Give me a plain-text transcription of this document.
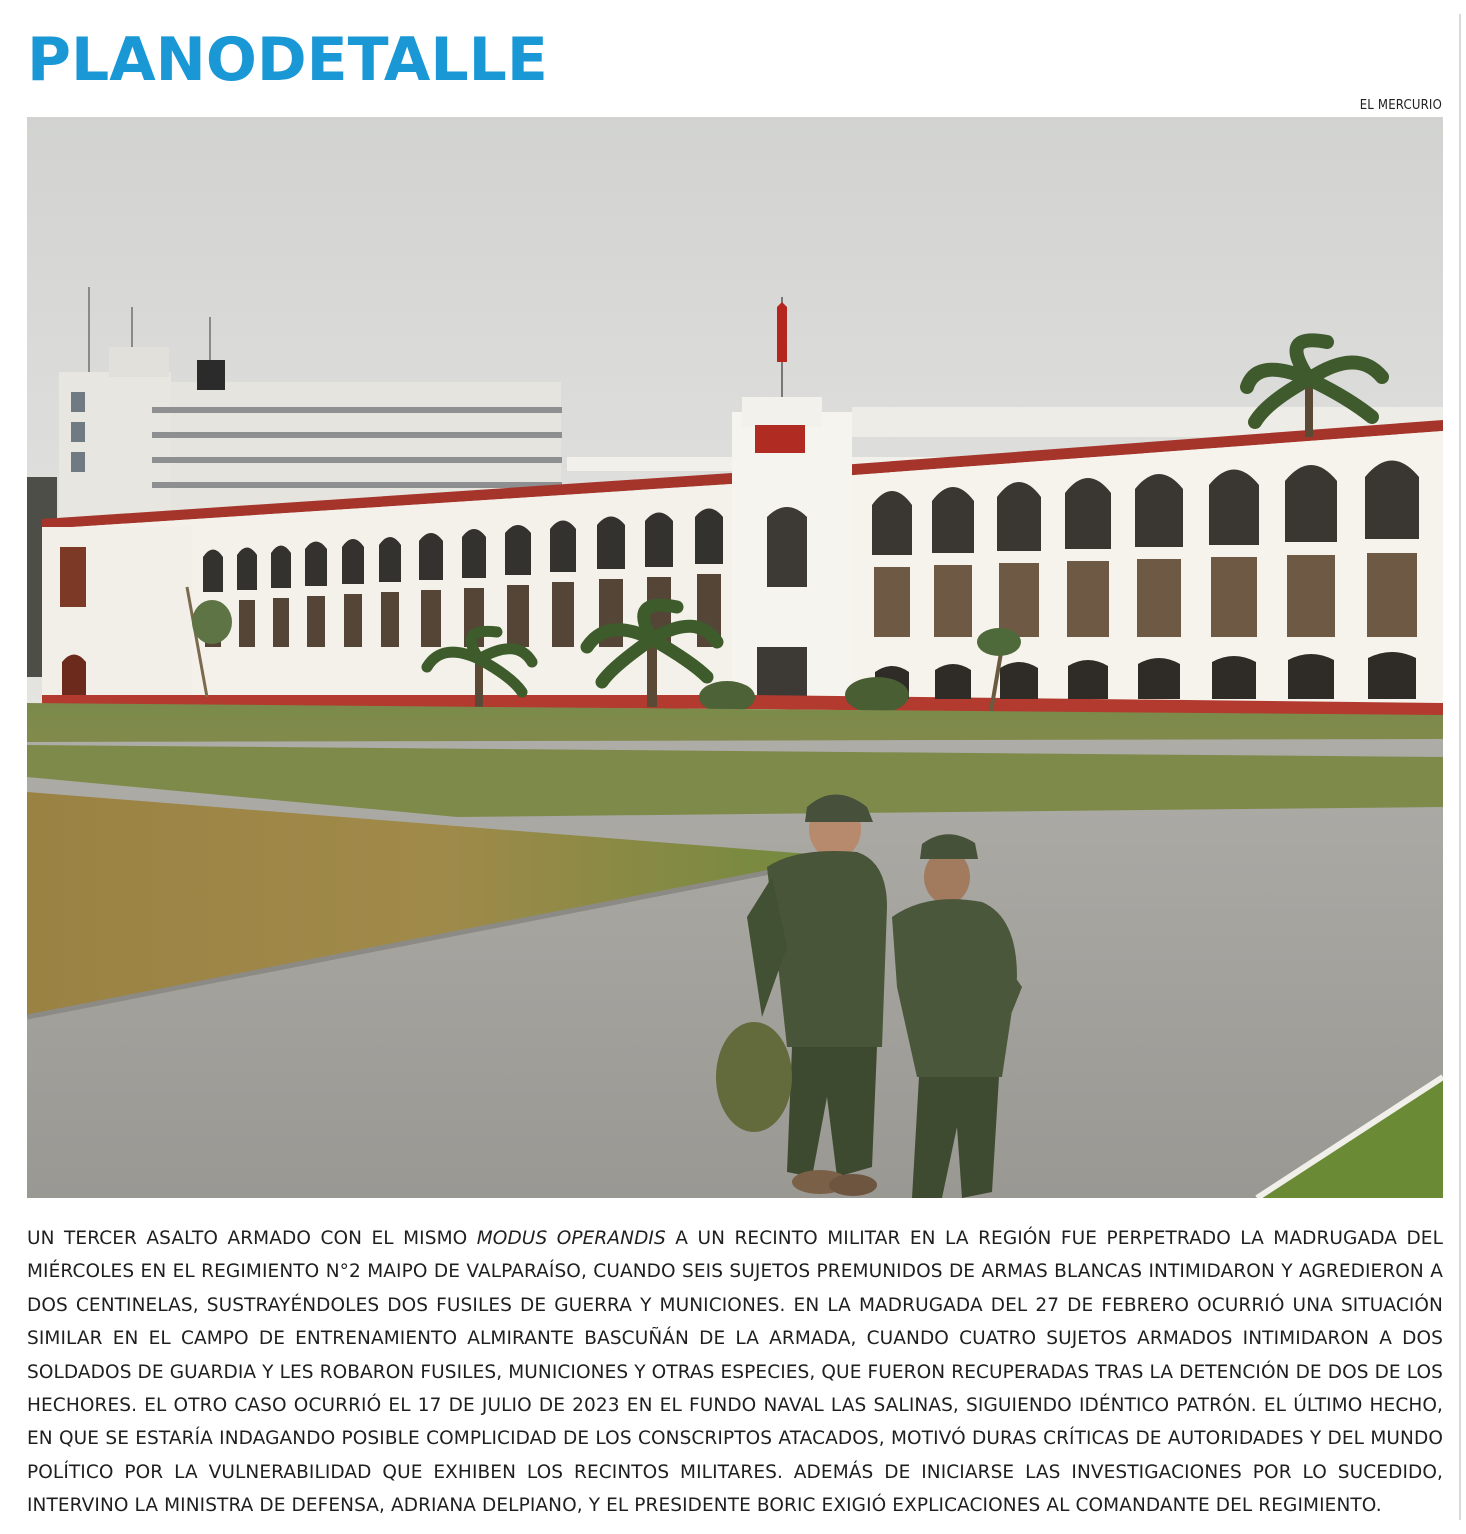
PLANODETALLE
EL MERCURIO

UN TERCER ASALTO ARMADO CON EL MISMO MODUS OPERANDIS A UN RECINTO MILITAR EN LA REGIÓN FUE PERPETRADO LA MADRUGADA DEL MIÉRCOLES EN EL REGIMIENTO N°2 MAIPO DE VALPARAÍSO, CUANDO SEIS SUJETOS PREMUNIDOS DE ARMAS BLANCAS INTIMIDARON Y AGREDIERON A DOS CENTINELAS, SUSTRAYÉNDOLES DOS FUSILES DE GUERRA Y MUNICIONES. EN LA MADRUGADA DEL 27 DE FEBRERO OCURRIÓ UNA SITUACIÓN SIMILAR EN EL CAMPO DE ENTRENAMIENTO ALMIRANTE BASCUÑÁN DE LA ARMADA, CUANDO CUATRO SUJETOS ARMADOS INTIMIDARON A DOS SOLDADOS DE GUARDIA Y LES ROBARON FUSILES, MUNICIONES Y OTRAS ESPECIES, QUE FUERON RECUPERADAS TRAS LA DETENCIÓN DE DOS DE LOS HECHORES. EL OTRO CASO OCURRIÓ EL 17 DE JULIO DE 2023 EN EL FUNDO NAVAL LAS SALINAS, SIGUIENDO IDÉNTICO PATRÓN. EL ÚLTIMO HECHO, EN QUE SE ESTARÍA INDAGANDO POSIBLE COMPLICIDAD DE LOS CONSCRIPTOS ATACADOS, MOTIVÓ DURAS CRÍTICAS DE AUTORIDADES Y DEL MUNDO POLÍTICO POR LA VULNERABILIDAD QUE EXHIBEN LOS RECINTOS MILITARES. ADEMÁS DE INICIARSE LAS INVESTIGACIONES POR LO SUCEDIDO, INTERVINO LA MINISTRA DE DEFENSA, ADRIANA DELPIANO, Y EL PRESIDENTE BORIC EXIGIÓ EXPLICACIONES AL COMANDANTE DEL REGIMIENTO.
